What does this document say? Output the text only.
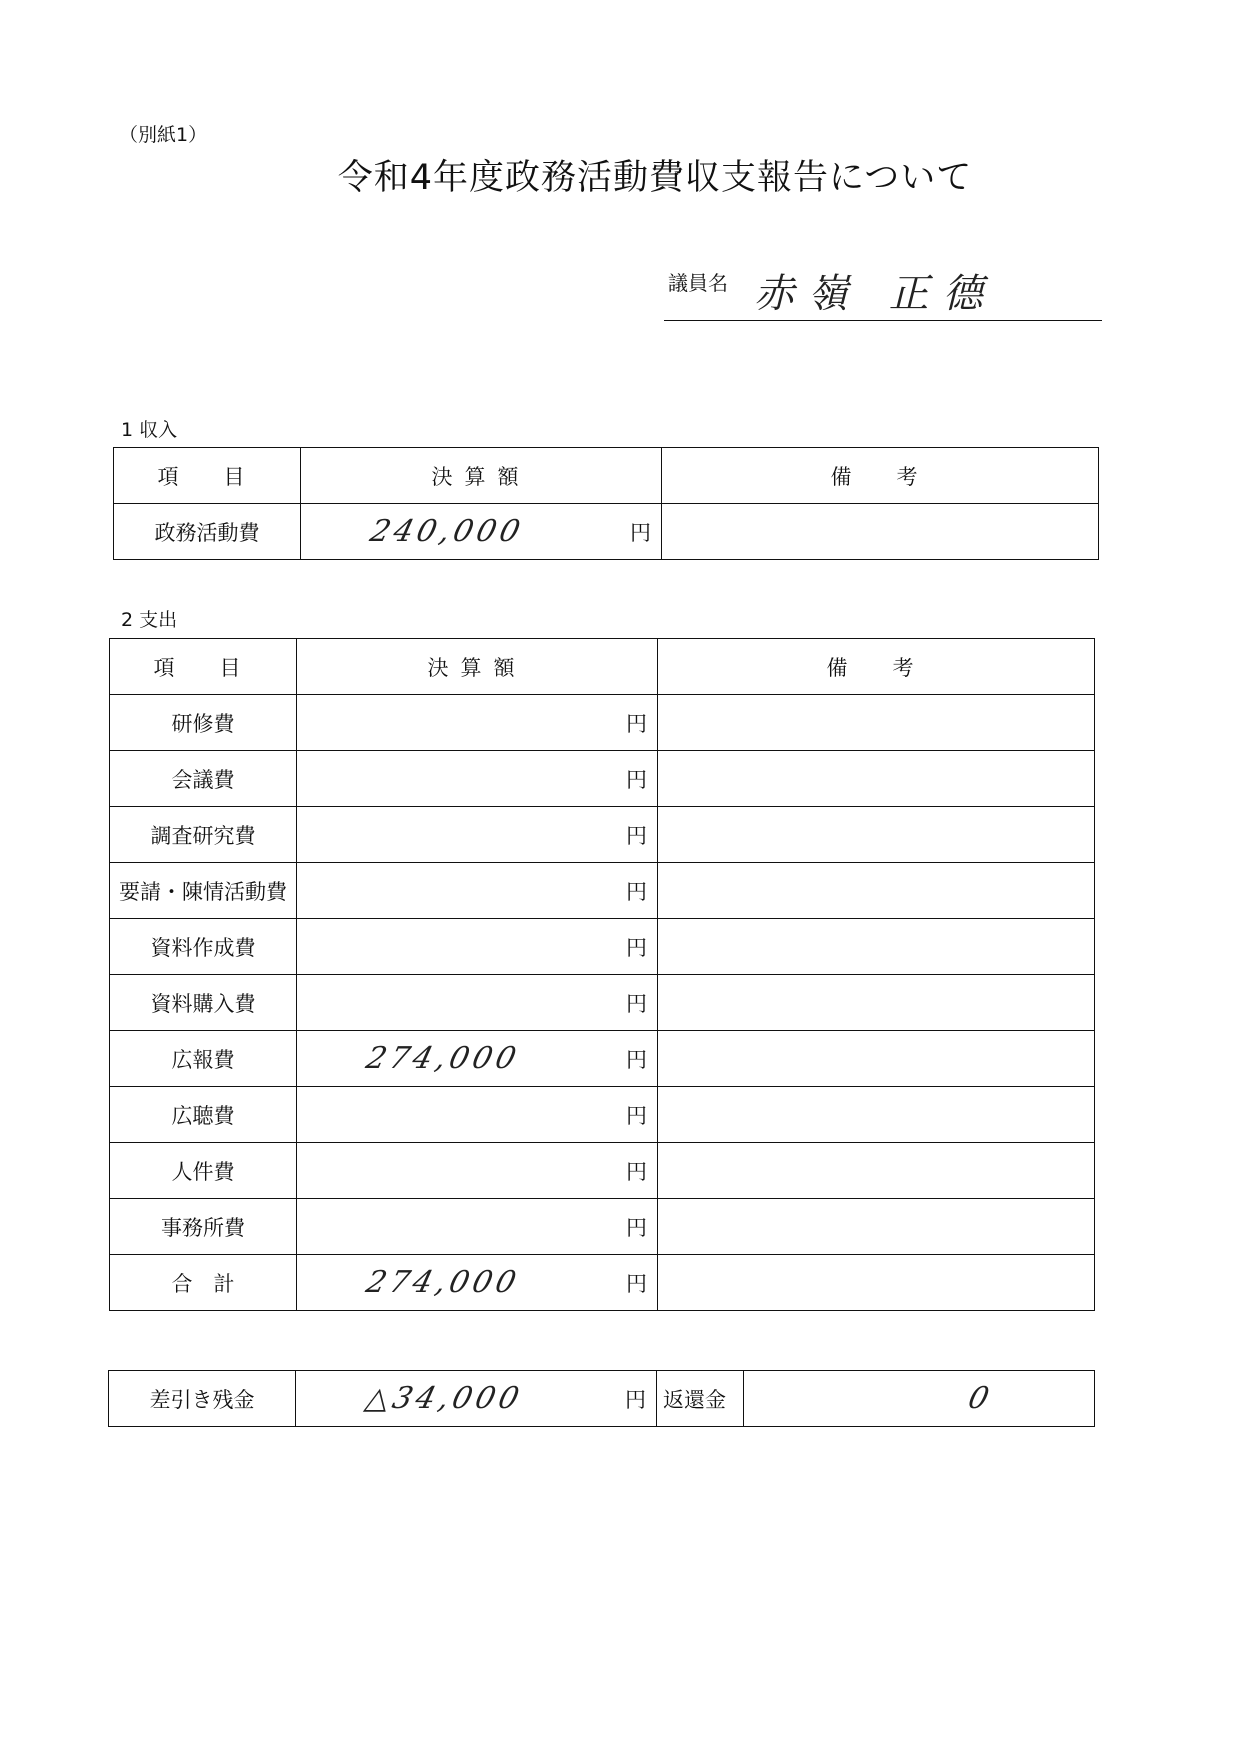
（別紙1）
令和4年度政務活動費収支報告について
議員名 赤嶺 正德
1 収入
項　目	決算額	備　考
政務活動費	240,000 円	

2 支出
項　目	決算額	備　考
研修費	円	

会議費	円	

調査研究費	円	

要請・陳情活動費	円	

資料作成費	円	

資料購入費	円	

広報費	274,000 円	

広聴費	円	

人件費	円	

事務所費	円	

合　計	274,000 円	

差引き残金	△34,000	円	返還金	0
